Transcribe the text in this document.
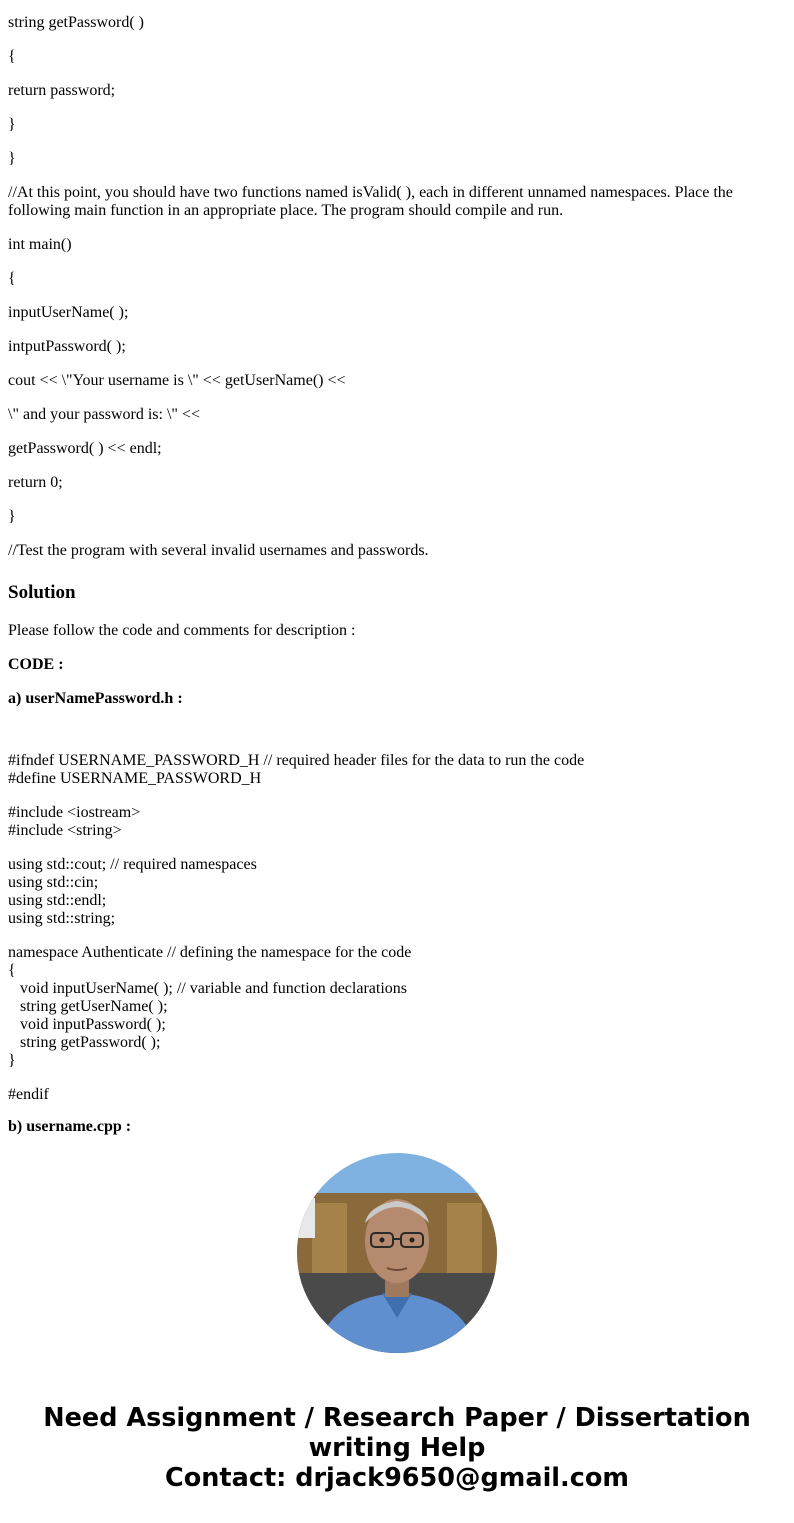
string getPassword( )
{
return password;
}
}
//At this point, you should have two functions named isValid( ), each in different unnamed namespaces. Place the following main function in an appropriate place. The program should compile and run.
int main()
{
inputUserName( );
intputPassword( );
cout << \"Your username is \" << getUserName() <<
\" and your password is: \" <<
getPassword( ) << endl;
return 0;
}
//Test the program with several invalid usernames and passwords.
Solution
Please follow the code and comments for description :
CODE :
a) userNamePassword.h :
#ifndef USERNAME_PASSWORD_H // required header files for the data to run the code
#define USERNAME_PASSWORD_H
#include <iostream>
#include <string>
using std::cout; // required namespaces
using std::cin;
using std::endl;
using std::string;
namespace Authenticate // defining the namespace for the code
{
void inputUserName( ); // variable and function declarations
string getUserName( );
void inputPassword( );
string getPassword( );
}
#endif
b) username.cpp :
Need Assignment / Research Paper / Dissertation
writing Help
Contact: drjack9650@gmail.com
